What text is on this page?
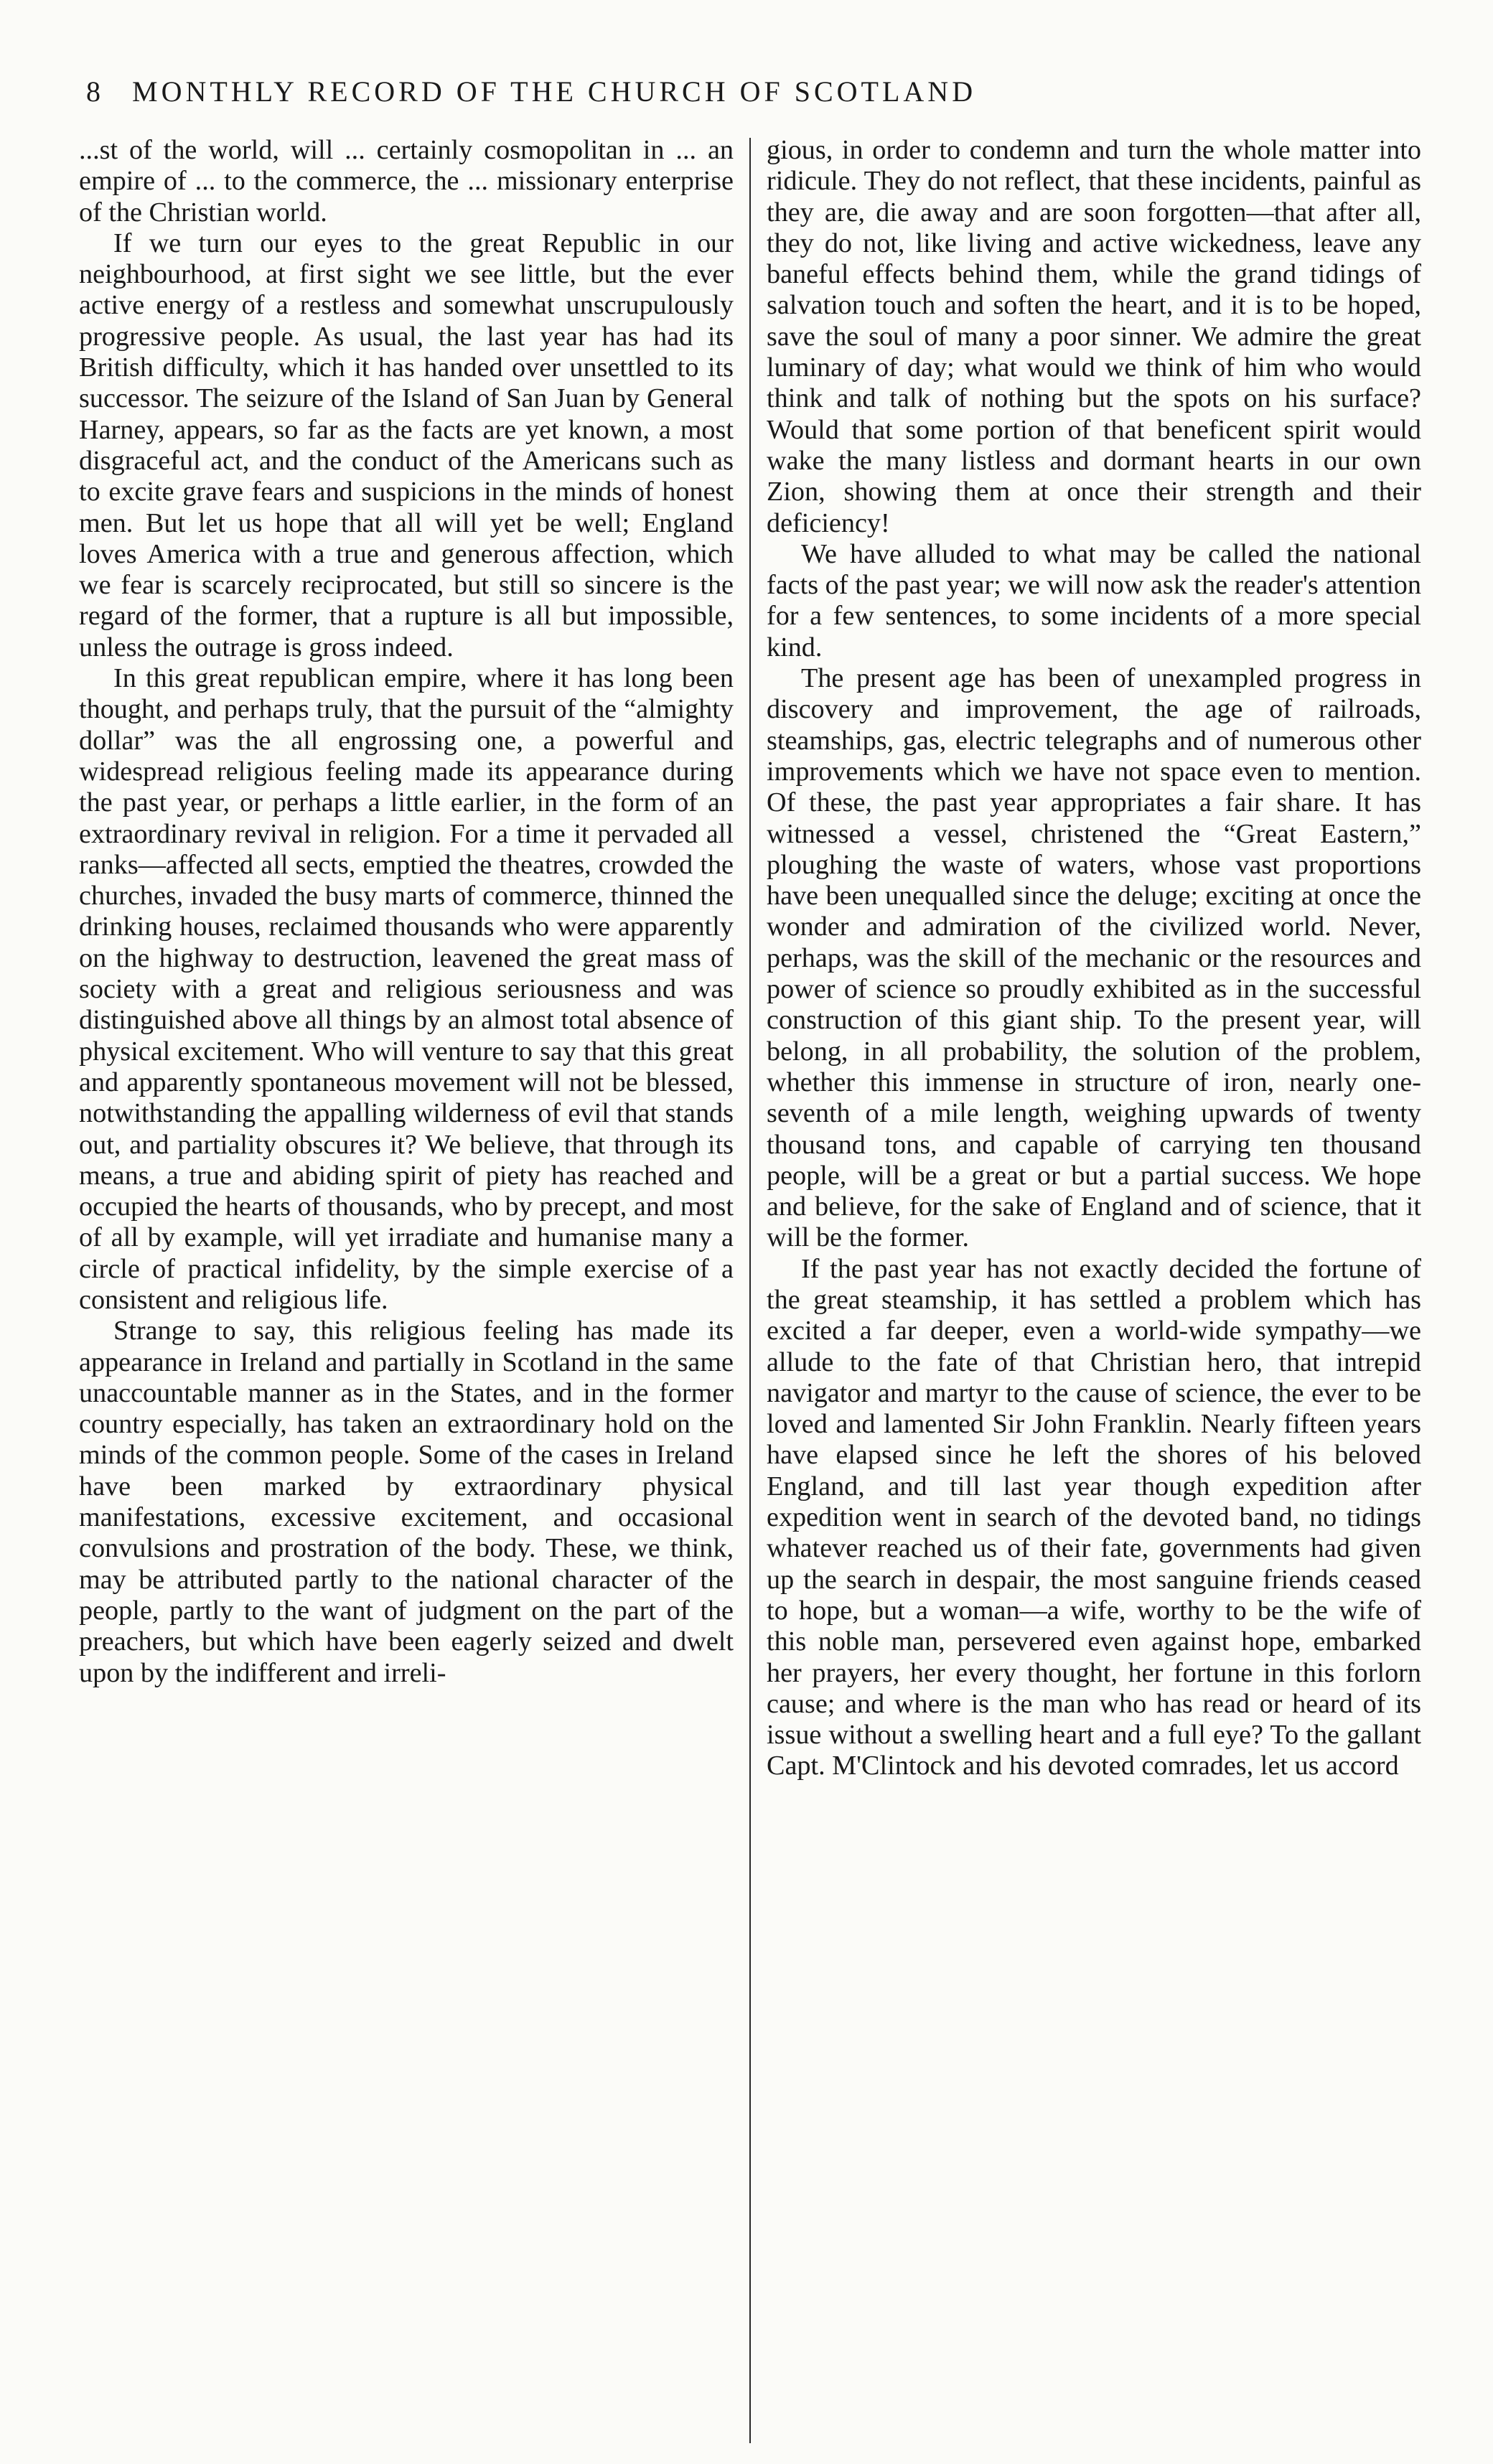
8 MONTHLY RECORD OF THE CHURCH OF SCOTLAND

...st of the world, will ... certainly cosmopolitan in ... an empire of ... to the commerce, the ... missionary enterprise of the Christian world.

If we turn our eyes to the great Republic in our neighbourhood, at first sight we see little, but the ever active energy of a restless and somewhat unscrupulously progressive people. As usual, the last year has had its British difficulty, which it has handed over unsettled to its successor. The seizure of the Island of San Juan by General Harney, appears, so far as the facts are yet known, a most disgraceful act, and the conduct of the Americans such as to excite grave fears and suspicions in the minds of honest men. But let us hope that all will yet be well; England loves America with a true and generous affection, which we fear is scarcely reciprocated, but still so sincere is the regard of the former, that a rupture is all but impossible, unless the outrage is gross indeed.

In this great republican empire, where it has long been thought, and perhaps truly, that the pursuit of the “almighty dollar” was the all engrossing one, a powerful and widespread religious feeling made its appearance during the past year, or perhaps a little earlier, in the form of an extraordinary revival in religion. For a time it pervaded all ranks—affected all sects, emptied the theatres, crowded the churches, invaded the busy marts of commerce, thinned the drinking houses, reclaimed thousands who were apparently on the highway to destruction, leavened the great mass of society with a great and religious seriousness and was distinguished above all things by an almost total absence of physical excitement. Who will venture to say that this great and apparently spontaneous movement will not be blessed, notwithstanding the appalling wilderness of evil that stands out, and partiality obscures it? We believe, that through its means, a true and abiding spirit of piety has reached and occupied the hearts of thousands, who by precept, and most of all by example, will yet irradiate and humanise many a circle of practical infidelity, by the simple exercise of a consistent and religious life.

Strange to say, this religious feeling has made its appearance in Ireland and partially in Scotland in the same unaccountable manner as in the States, and in the former country especially, has taken an extraordinary hold on the minds of the common people. Some of the cases in Ireland have been marked by extraordinary physical manifestations, excessive excitement, and occasional convulsions and prostration of the body. These, we think, may be attributed partly to the national character of the people, partly to the want of judgment on the part of the preachers, but which have been eagerly seized and dwelt upon by the indifferent and irreli-

gious, in order to condemn and turn the whole matter into ridicule. They do not reflect, that these incidents, painful as they are, die away and are soon forgotten—that after all, they do not, like living and active wickedness, leave any baneful effects behind them, while the grand tidings of salvation touch and soften the heart, and it is to be hoped, save the soul of many a poor sinner. We admire the great luminary of day; what would we think of him who would think and talk of nothing but the spots on his surface? Would that some portion of that beneficent spirit would wake the many listless and dormant hearts in our own Zion, showing them at once their strength and their deficiency!

We have alluded to what may be called the national facts of the past year; we will now ask the reader's attention for a few sentences, to some incidents of a more special kind.

The present age has been of unexampled progress in discovery and improvement, the age of railroads, steamships, gas, electric telegraphs and of numerous other improvements which we have not space even to mention. Of these, the past year appropriates a fair share. It has witnessed a vessel, christened the “Great Eastern,” ploughing the waste of waters, whose vast proportions have been unequalled since the deluge; exciting at once the wonder and admiration of the civilized world. Never, perhaps, was the skill of the mechanic or the resources and power of science so proudly exhibited as in the successful construction of this giant ship. To the present year, will belong, in all probability, the solution of the problem, whether this immense in structure of iron, nearly one-seventh of a mile length, weighing upwards of twenty thousand tons, and capable of carrying ten thousand people, will be a great or but a partial success. We hope and believe, for the sake of England and of science, that it will be the former.

If the past year has not exactly decided the fortune of the great steamship, it has settled a problem which has excited a far deeper, even a world-wide sympathy—we allude to the fate of that Christian hero, that intrepid navigator and martyr to the cause of science, the ever to be loved and lamented Sir John Franklin. Nearly fifteen years have elapsed since he left the shores of his beloved England, and till last year though expedition after expedition went in search of the devoted band, no tidings whatever reached us of their fate, governments had given up the search in despair, the most sanguine friends ceased to hope, but a woman—a wife, worthy to be the wife of this noble man, persevered even against hope, embarked her prayers, her every thought, her fortune in this forlorn cause; and where is the man who has read or heard of its issue without a swelling heart and a full eye? To the gallant Capt. M'Clintock and his devoted comrades, let us accord
